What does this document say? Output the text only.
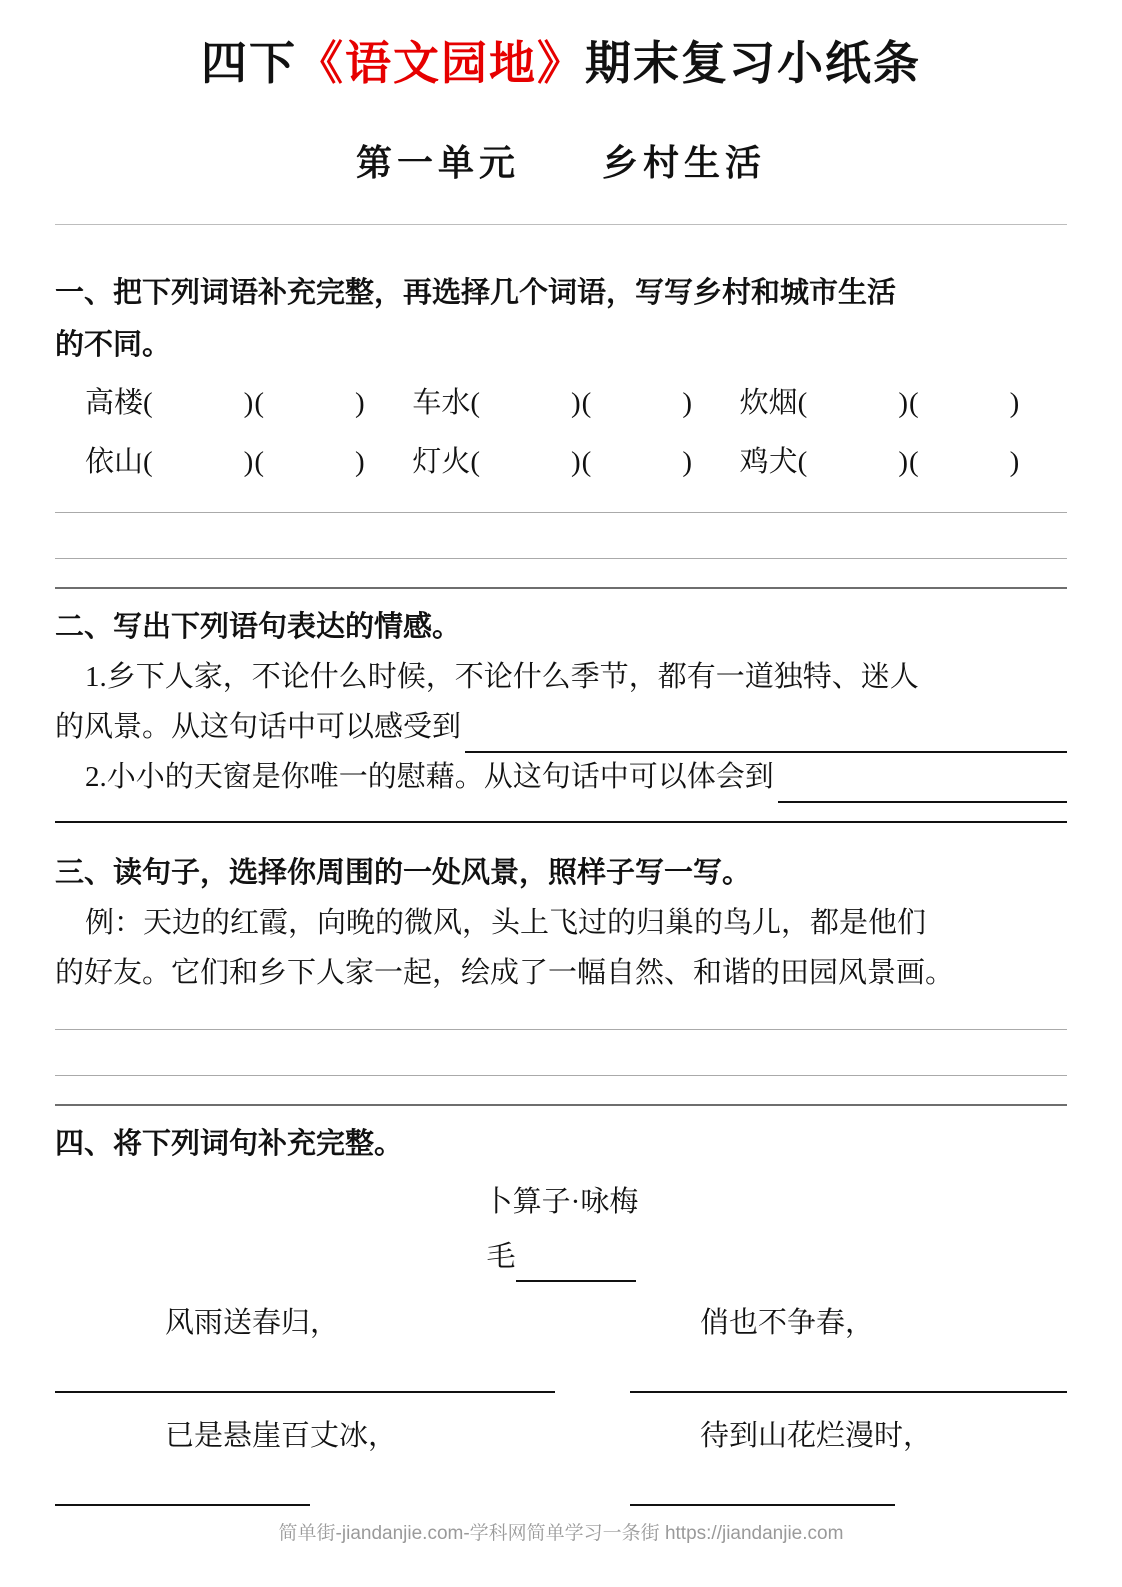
四下《语文园地》期末复习小纸条
第一单元　　乡村生活
一、把下列词语补充完整，再选择几个词语，写写乡村和城市生活
的不同。
高楼(　　　)(　　　)	车水(　　　)(　　　)	炊烟(　　　)(　　　)
依山(　　　)(　　　)	灯火(　　　)(　　　)	鸡犬(　　　)(　　　)
二、写出下列语句表达的情感。
1.乡下人家，不论什么时候，不论什么季节，都有一道独特、迷人
的风景。从这句话中可以感受到
2.小小的天窗是你唯一的慰藉。从这句话中可以体会到
三、读句子，选择你周围的一处风景，照样子写一写。
例：天边的红霞，向晚的微风，头上飞过的归巢的鸟儿，都是他们
的好友。它们和乡下人家一起，绘成了一幅自然、和谐的田园风景画。
四、将下列词句补充完整。
卜算子·咏梅
毛
风雨送春归，	俏也不争春，
已是悬崖百丈冰，	待到山花烂漫时，
简单街-jiandanjie.com-学科网简单学习一条街 https://jiandanjie.com
